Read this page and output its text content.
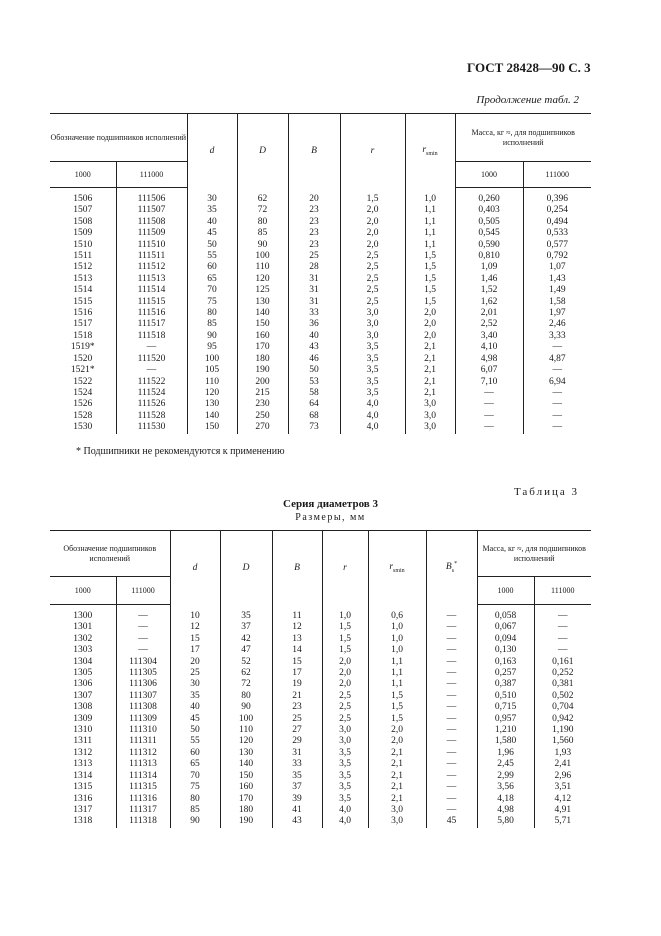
ГОСТ 28428—90 С. 3
Продолжение табл. 2
Обозначение подшипников исполнений		d	D	B	r	$r_{smin}$	Масса, кг ≈, для подшипников исполнений	
1000	111000						1000	111000
1506	111506	30	62	20	1,5	1,0	0,260	0,396
1507	111507	35	72	23	2,0	1,1	0,403	0,254
1508	111508	40	80	23	2,0	1,1	0,505	0,494
1509	111509	45	85	23	2,0	1,1	0,545	0,533
1510	111510	50	90	23	2,0	1,1	0,590	0,577
1511	111511	55	100	25	2,5	1,5	0,810	0,792
1512	111512	60	110	28	2,5	1,5	1,09	1,07
1513	111513	65	120	31	2,5	1,5	1,46	1,43
1514	111514	70	125	31	2,5	1,5	1,52	1,49
1515	111515	75	130	31	2,5	1,5	1,62	1,58
1516	111516	80	140	33	3,0	2,0	2,01	1,97
1517	111517	85	150	36	3,0	2,0	2,52	2,46
1518	111518	90	160	40	3,0	2,0	3,40	3,33
1519*	—	95	170	43	3,5	2,1	4,10	—
1520	111520	100	180	46	3,5	2,1	4,98	4,87
1521*	—	105	190	50	3,5	2,1	6,07	—
1522	111522	110	200	53	3,5	2,1	7,10	6,94
1524	111524	120	215	58	3,5	2,1	—	—
1526	111526	130	230	64	4,0	3,0	—	—
1528	111528	140	250	68	4,0	3,0	—	—
1530	111530	150	270	73	4,0	3,0	—	—
* Подшипники не рекомендуются к применению
Таблица 3
Серия диаметров 3
Размеры, мм
Обозначение подшипников исполнений		d	D	B	r	$r_{smin}$	$B_s^*$	Масса, кг ≈, для подшипников исполнений	
1000	111000							1000	111000
1300	—	10	35	11	1,0	0,6	—	0,058	—
1301	—	12	37	12	1,5	1,0	—	0,067	—
1302	—	15	42	13	1,5	1,0	—	0,094	—
1303	—	17	47	14	1,5	1,0	—	0,130	—
1304	111304	20	52	15	2,0	1,1	—	0,163	0,161
1305	111305	25	62	17	2,0	1,1	—	0,257	0,252
1306	111306	30	72	19	2,0	1,1	—	0,387	0,381
1307	111307	35	80	21	2,5	1,5	—	0,510	0,502
1308	111308	40	90	23	2,5	1,5	—	0,715	0,704
1309	111309	45	100	25	2,5	1,5	—	0,957	0,942
1310	111310	50	110	27	3,0	2,0	—	1,210	1,190
1311	111311	55	120	29	3,0	2,0	—	1,580	1,560
1312	111312	60	130	31	3,5	2,1	—	1,96	1,93
1313	111313	65	140	33	3,5	2,1	—	2,45	2,41
1314	111314	70	150	35	3,5	2,1	—	2,99	2,96
1315	111315	75	160	37	3,5	2,1	—	3,56	3,51
1316	111316	80	170	39	3,5	2,1	—	4,18	4,12
1317	111317	85	180	41	4,0	3,0	—	4,98	4,91
1318	111318	90	190	43	4,0	3,0	45	5,80	5,71
